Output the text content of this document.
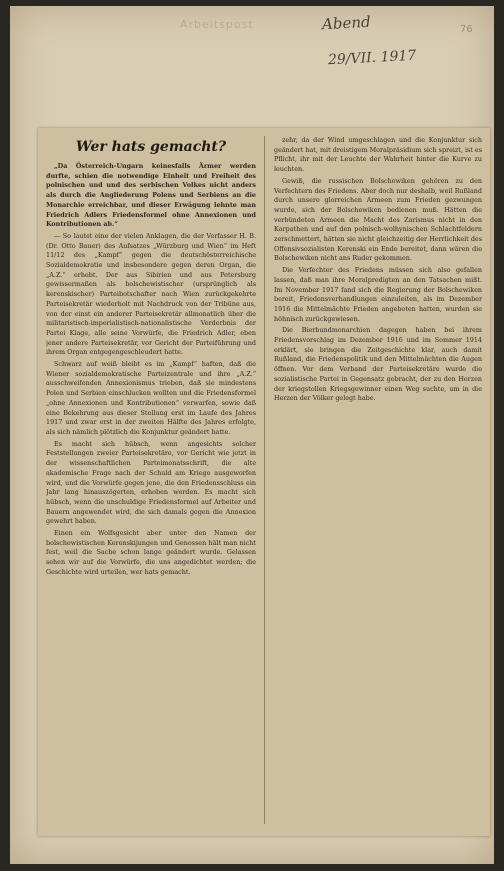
Arbeitspost	Abend
29/VII. 1917
76
Wer hats gemacht?

„Da Österreich-Ungarn keinesfalls Ärmer werden durfte, schien die notwendige Einheit und Freiheit des polnischen und und des serbischen Volkes nicht anders als durch die Angliederung Polens und Serbiens an die Monarchie erreichbar, und dieser Erwägung lehnte man Friedrich Adlers Friedensformel ohne Annexionen und Kontributionen ab.“

— So lautet eine der vielen Anklagen, die der Verfasser H. B. (Dr. Otto Bauer) des Aufsatzes „Würzburg und Wien“ im Heft 11/12 des „Kampf“ gegen die deutschösterreichische Sozialdemokratie und insbesondere gegen deren Organ, die „A.Z.“ erhebt. Der aus Sibirien und aus Petersburg gewissermaßen als bolschewistischer (ursprünglich als kerenskischer) Parteibotschafter nach Wien zurückgekehrte Parteisekretär wiederholt mit Nachdruck von der Tribüne aus, von der einst ein anderer Parteisekretär allmonatlich über die militaristisch-imperialistisch-nationalistische Verderbnis der Partei Klage, alle seine Vorwürfe, die Friedrich Adler, eben jener andere Parteisekretär, vor Gericht der Parteiführung und ihrem Organ entgegengeschleudert hatte.

Schwarz auf weiß bleibt es im „Kampf“ haften, daß die Wiener sozialdemokratische Parteizentrale und ihre „A.Z.“ ausschweifenden Annexionismus trieben, daß sie mindestens Polen und Serbien einschlucken wollten und die Friedensformel „ohne Annexionen und Kontributionen“ verwarfen, sowie daß eine Bekehrung aus dieser Stellung erst im Laufe des Jahres 1917 und zwar erst in der zweiten Hälfte des Jahres erfolgte, als sich nämlich plötzlich die Konjunktur geändert hatte.

Es macht sich hübsch, wenn angesichts solcher Feststellungen zweier Parteisekretäre, vor Gericht wie jetzt in der wissenschaftlichen Parteimonatsschrift, die alte akademische Frage nach der Schuld am Kriege ausgeworfen wird, und die Vorwürfe gegen jene, die den Friedensschluss ein Jahr lang hinauszögerten, erhoben werden. Es macht sich hübsch, wenn die unschuldige Friedensformel auf Arbeiter und Bauern angewendet wird, die sich damals gegen die Annexion gewehrt haben.

Einen ein Wolfsgesicht aber unter den Namen der bolschewistischen Kerenskijungen und Genossen hält man nicht fest, weil die Sache schon lange geändert wurde. Gelassen sehen wir auf die Vorwürfe, die uns angedichtet werden; die Geschichte wird urteilen, wer hats gemacht.

zehr, da der Wind umgeschlagen und die Konjunktur sich geändert hat, mit dreistigem Moralpräsidium sich spreizt, ist es Pflicht, ihr mit der Leuchte der Wahrheit hinter die Kurve zu leuchten.

Gewiß, die russischen Bolschewiken gehören zu den Verfechtern des Friedens. Aber doch nur deshalb, weil Rußland durch unsere glorreichen Armeen zum Frieden gezwungen wurde, sich der Bolschewiken bedienen muß. Hätten die verbündeten Armeen die Macht des Zarismus nicht in den Karpathen und auf den polnisch-wolhynischen Schlachtfeldern zerschmettert, hätten sie nicht gleichzeitig der Herrlichkeit des Offensivsozialisten Kerenski ein Ende bereitet, dann wären die Bolschewiken nicht ans Ruder gekommen.

Die Verfechter des Friedens müssen sich also gefallen lassen, daß man ihre Moralpredigten an den Tatsachen mißt. Im November 1917 fand sich die Regierung der Bolschewiken bereit, Friedensverhandlungen einzuleiten, als im Dezember 1916 die Mittelmächte Frieden angeboten hatten, wurden sie höhnisch zurückgewiesen.

Die Bierbundmonarchien dagegen haben bei ihrem Friedensvorschlag im Dezember 1916 und im Sommer 1914 erklärt, sie bringen die Zeitgeschichte klar, auch damit Rußland, die Friedenspolitik und den Mittelmächten die Augen öffnen. Vor dem Verband der Parteisekretäre wurde die sozialistische Partei in Gegensatz gebracht, der zu den Herzen der kriegstollen Kriegsgewinner einen Weg suchte, um in die Herzen der Völker gelegt habe.
